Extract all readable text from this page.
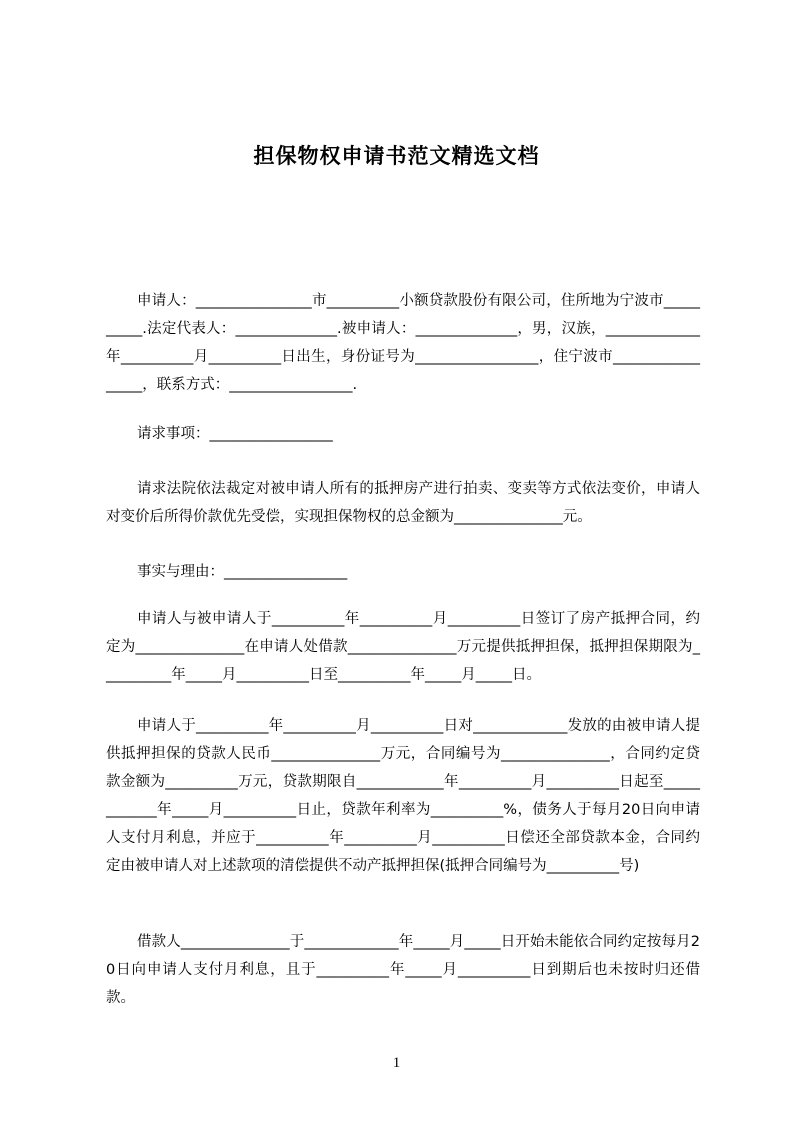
担保物权申请书范文精选文档

申请人：________________市__________小额贷款股份有限公司，住所地为宁波市__________.法定代表人：______________.被申请人：______________，男，汉族，_____________年__________月__________日出生，身份证号为_________________，住宁波市_________________，联系方式：_________________.

请求事项：_________________

请求法院依法裁定对被申请人所有的抵押房产进行拍卖、变卖等方式依法变价，申请人对变价后所得价款优先受偿，实现担保物权的总金额为_______________元。

事实与理由：_________________

申请人与被申请人于__________年__________月__________日签订了房产抵押合同，约定为_______________在申请人处借款_______________万元提供抵押担保，抵押担保期限为__________年_____月__________日至__________年_____月_____日。

申请人于__________年__________月__________日对_____________发放的由被申请人提供抵押担保的贷款人民币_______________万元，合同编号为_______________，合同约定贷款金额为__________万元，贷款期限自____________年__________月__________日起至____________年_____月__________日止，贷款年利率为__________%，债务人于每月20日向申请人支付月利息，并应于__________年__________月__________日偿还全部贷款本金，合同约定由被申请人对上述款项的清偿提供不动产抵押担保(抵押合同编号为__________号)

借款人_______________于_____________年_____月_____日开始未能依合同约定按每月20日向申请人支付月利息，且于__________年_____月__________日到期后也未按时归还借款。

1
